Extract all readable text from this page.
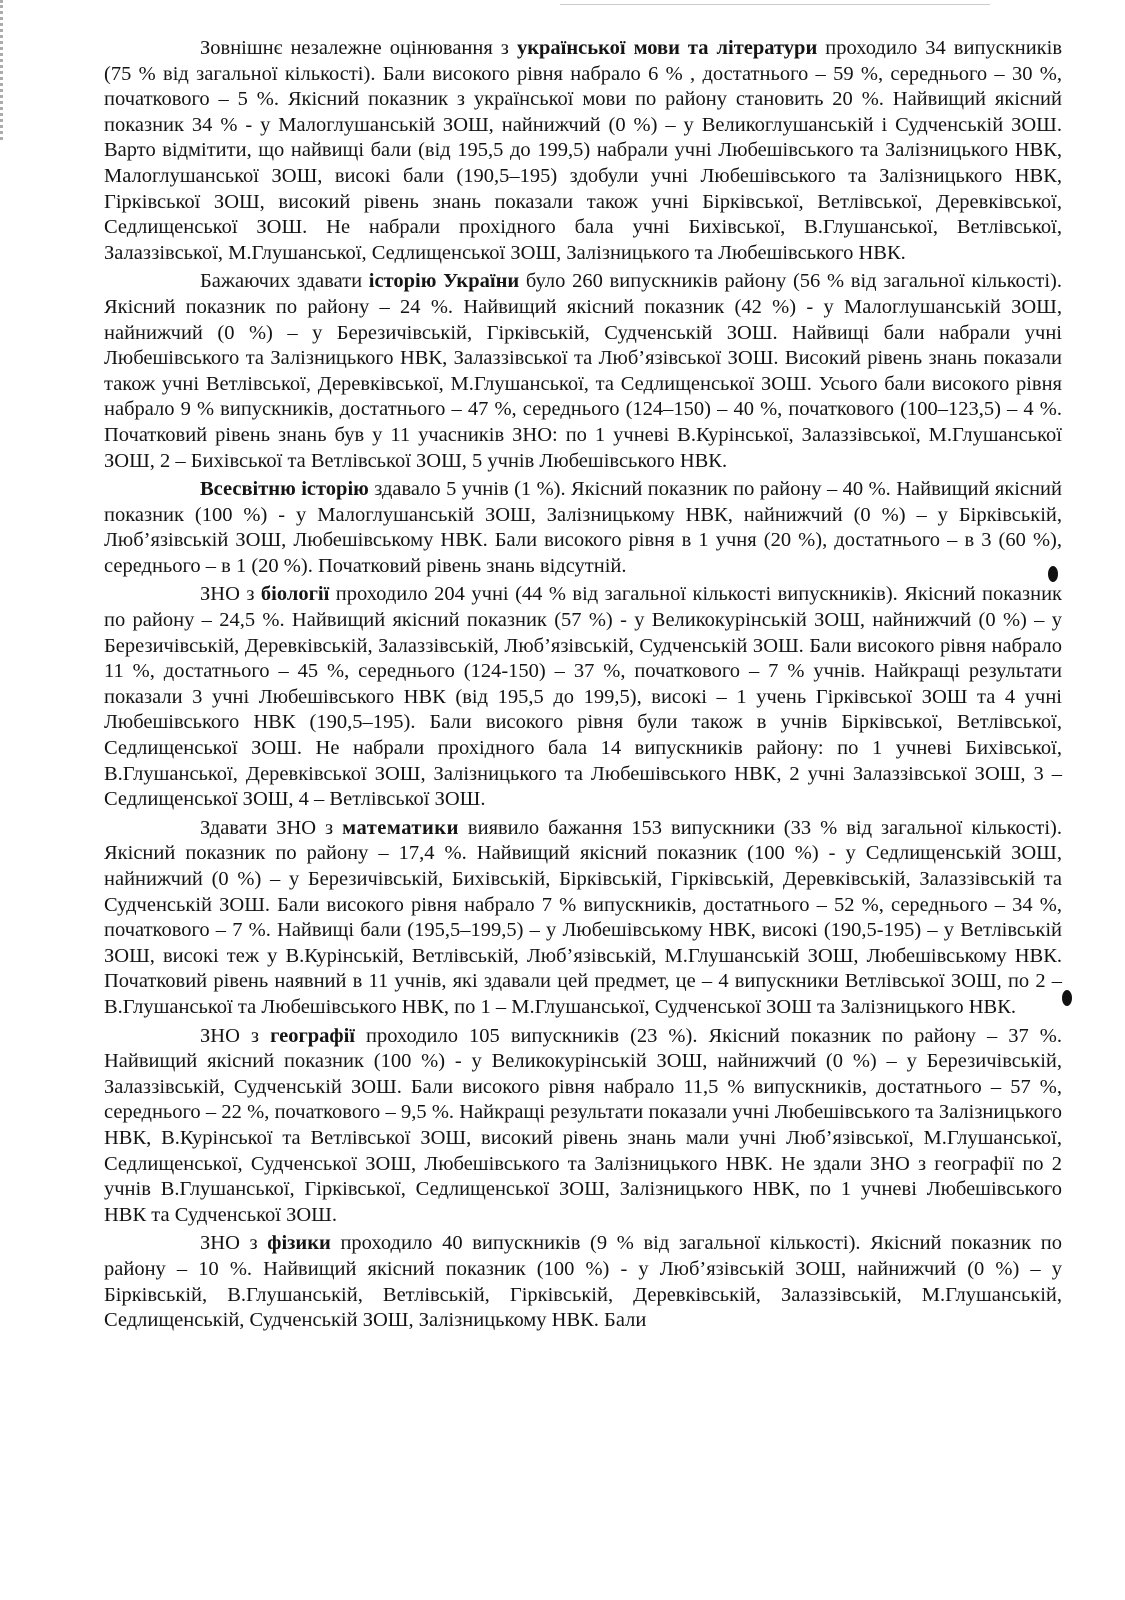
Зовнішнє незалежне оцінювання з української мови та літератури проходило 34 випускників (75 % від загальної кількості). Бали високого рівня набрало 6 % , достатнього – 59 %, середнього – 30 %, початкового – 5 %. Якісний показник з української мови по району становить 20 %. Найвищий якісний показник 34 % - у Малоглушанській ЗОШ, найнижчий (0 %) – у Великоглушанській і Судченській ЗОШ. Варто відмітити, що найвищі бали (від 195,5 до 199,5) набрали учні Любешівського та Залізницького НВК, Малоглушанської ЗОШ, високі бали (190,5–195) здобули учні Любешівського та Залізницького НВК, Гірківської ЗОШ, високий рівень знань показали також учні Бірківської, Ветлівської, Деревківської, Седлищенської ЗОШ. Не набрали прохідного бала учні Бихівської, В.Глушанської, Ветлівської, Залаззівської, М.Глушанської, Седлищенської ЗОШ, Залізницького та Любешівського НВК.

Бажаючих здавати історію України було 260 випускників району (56 % від загальної кількості). Якісний показник по району – 24 %. Найвищий якісний показник (42 %) - у Малоглушанській ЗОШ, найнижчий (0 %) – у Березичівській, Гірківській, Судченській ЗОШ. Найвищі бали набрали учні Любешівського та Залізницького НВК, Залаззівської та Люб’язівської ЗОШ. Високий рівень знань показали також учні Ветлівської, Деревківської, М.Глушанської, та Седлищенської ЗОШ. Усього бали високого рівня набрало 9 % випускників, достатнього – 47 %, середнього (124–150) – 40 %, початкового (100–123,5) – 4 %. Початковий рівень знань був у 11 учасників ЗНО: по 1 учневі В.Курінської, Залаззівської, М.Глушанської ЗОШ, 2 – Бихівської та Ветлівської ЗОШ, 5 учнів Любешівського НВК.

Всесвітню історію здавало 5 учнів (1 %). Якісний показник по району – 40 %. Найвищий якісний показник (100 %) - у Малоглушанській ЗОШ, Залізницькому НВК, найнижчий (0 %) – у Бірківській, Люб’язівській ЗОШ, Любешівському НВК. Бали високого рівня в 1 учня (20 %), достатнього – в 3 (60 %), середнього – в 1 (20 %). Початковий рівень знань відсутній.

ЗНО з біології проходило 204 учні (44 % від загальної кількості випускників). Якісний показник по району – 24,5 %. Найвищий якісний показник (57 %) - у Великокурінській ЗОШ, найнижчий (0 %) – у Березичівській, Деревківській, Залаззівській, Люб’язівській, Судченській ЗОШ. Бали високого рівня набрало 11 %, достатнього – 45 %, середнього (124-150) – 37 %, початкового – 7 % учнів. Найкращі результати показали 3 учні Любешівського НВК (від 195,5 до 199,5), високі – 1 учень Гірківської ЗОШ та 4 учні Любешівського НВК (190,5–195). Бали високого рівня були також в учнів Бірківської, Ветлівської, Седлищенської ЗОШ. Не набрали прохідного бала 14 випускників району: по 1 учневі Бихівської, В.Глушанської, Деревківської ЗОШ, Залізницького та Любешівського НВК, 2 учні Залаззівської ЗОШ, 3 – Седлищенської ЗОШ, 4 – Ветлівської ЗОШ.

Здавати ЗНО з математики виявило бажання 153 випускники (33 % від загальної кількості). Якісний показник по району – 17,4 %. Найвищий якісний показник (100 %) - у Седлищенській ЗОШ, найнижчий (0 %) – у Березичівській, Бихівській, Бірківській, Гірківській, Деревківській, Залаззівській та Судченській ЗОШ. Бали високого рівня набрало 7 % випускників, достатнього – 52 %, середнього – 34 %, початкового – 7 %. Найвищі бали (195,5–199,5) – у Любешівському НВК, високі (190,5-195) – у Ветлівській ЗОШ, високі теж у В.Курінській, Ветлівській, Люб’язівській, М.Глушанській ЗОШ, Любешівському НВК. Початковий рівень наявний в 11 учнів, які здавали цей предмет, це – 4 випускники Ветлівської ЗОШ, по 2 – В.Глушанської та Любешівського НВК, по 1 – М.Глушанської, Судченської ЗОШ та Залізницького НВК.

ЗНО з географії проходило 105 випускників (23 %). Якісний показник по району – 37 %. Найвищий якісний показник (100 %) - у Великокурінській ЗОШ, найнижчий (0 %) – у Березичівській, Залаззівській, Судченській ЗОШ. Бали високого рівня набрало 11,5 % випускників, достатнього – 57 %, середнього – 22 %, початкового – 9,5 %. Найкращі результати показали учні Любешівського та Залізницького НВК, В.Курінської та Ветлівської ЗОШ, високий рівень знань мали учні Люб’язівської, М.Глушанської, Седлищенської, Судченської ЗОШ, Любешівського та Залізницького НВК. Не здали ЗНО з географії по 2 учнів В.Глушанської, Гірківської, Седлищенської ЗОШ, Залізницького НВК, по 1 учневі Любешівського НВК та Судченської ЗОШ.

ЗНО з фізики проходило 40 випускників (9 % від загальної кількості). Якісний показник по району – 10 %. Найвищий якісний показник (100 %) - у Люб’язівській ЗОШ, найнижчий (0 %) – у Бірківській, В.Глушанській, Ветлівській, Гірківській, Деревківській, Залаззівській, М.Глушанській, Седлищенській, Судченській ЗОШ, Залізницькому НВК. Бали
